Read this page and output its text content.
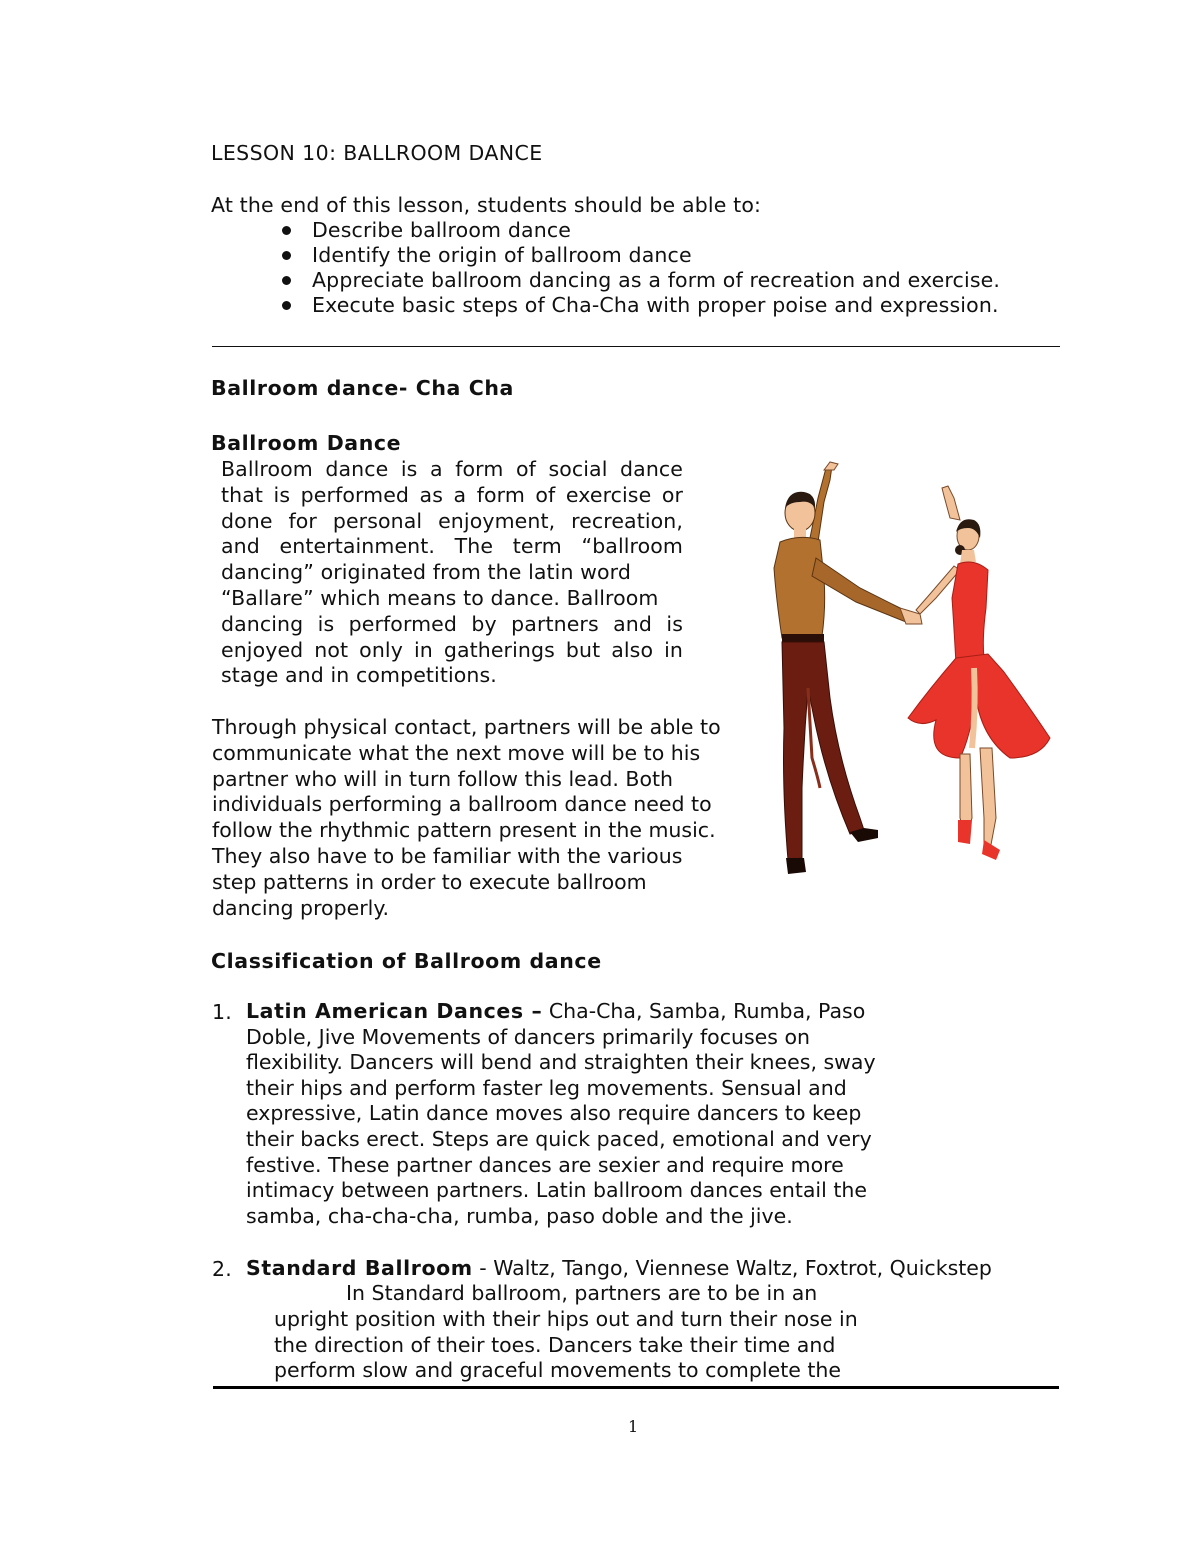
LESSON 10: BALLROOM DANCE
At the end of this lesson, students should be able to:
Describe ballroom dance
Identify the origin of ballroom dance
Appreciate ballroom dancing as a form of recreation and exercise.
Execute basic steps of Cha-Cha with proper poise and expression.
Ballroom dance- Cha Cha
Ballroom Dance
Ballroom dance is a form of social dance
that is performed as a form of exercise or
done for personal enjoyment, recreation,
and entertainment. The term “ballroom
dancing” originated from the latin word
“Ballare” which means to dance. Ballroom
dancing is performed by partners and is
enjoyed not only in gatherings but also in
stage and in competitions.
Through physical contact, partners will be able to
communicate what the next move will be to his
partner who will in turn follow this lead. Both
individuals performing a ballroom dance need to
follow the rhythmic pattern present in the music.
They also have to be familiar with the various
step patterns in order to execute ballroom
dancing properly.
Classification of Ballroom dance
1. Latin American Dances – Cha-Cha, Samba, Rumba, Paso
Doble, Jive Movements of dancers primarily focuses on
flexibility. Dancers will bend and straighten their knees, sway
their hips and perform faster leg movements. Sensual and
expressive, Latin dance moves also require dancers to keep
their backs erect. Steps are quick paced, emotional and very
festive. These partner dances are sexier and require more
intimacy between partners. Latin ballroom dances entail the
samba, cha-cha-cha, rumba, paso doble and the jive.
2. Standard Ballroom - Waltz, Tango, Viennese Waltz, Foxtrot, Quickstep
In Standard ballroom, partners are to be in an
upright position with their hips out and turn their nose in
the direction of their toes. Dancers take their time and
perform slow and graceful movements to complete the
1
